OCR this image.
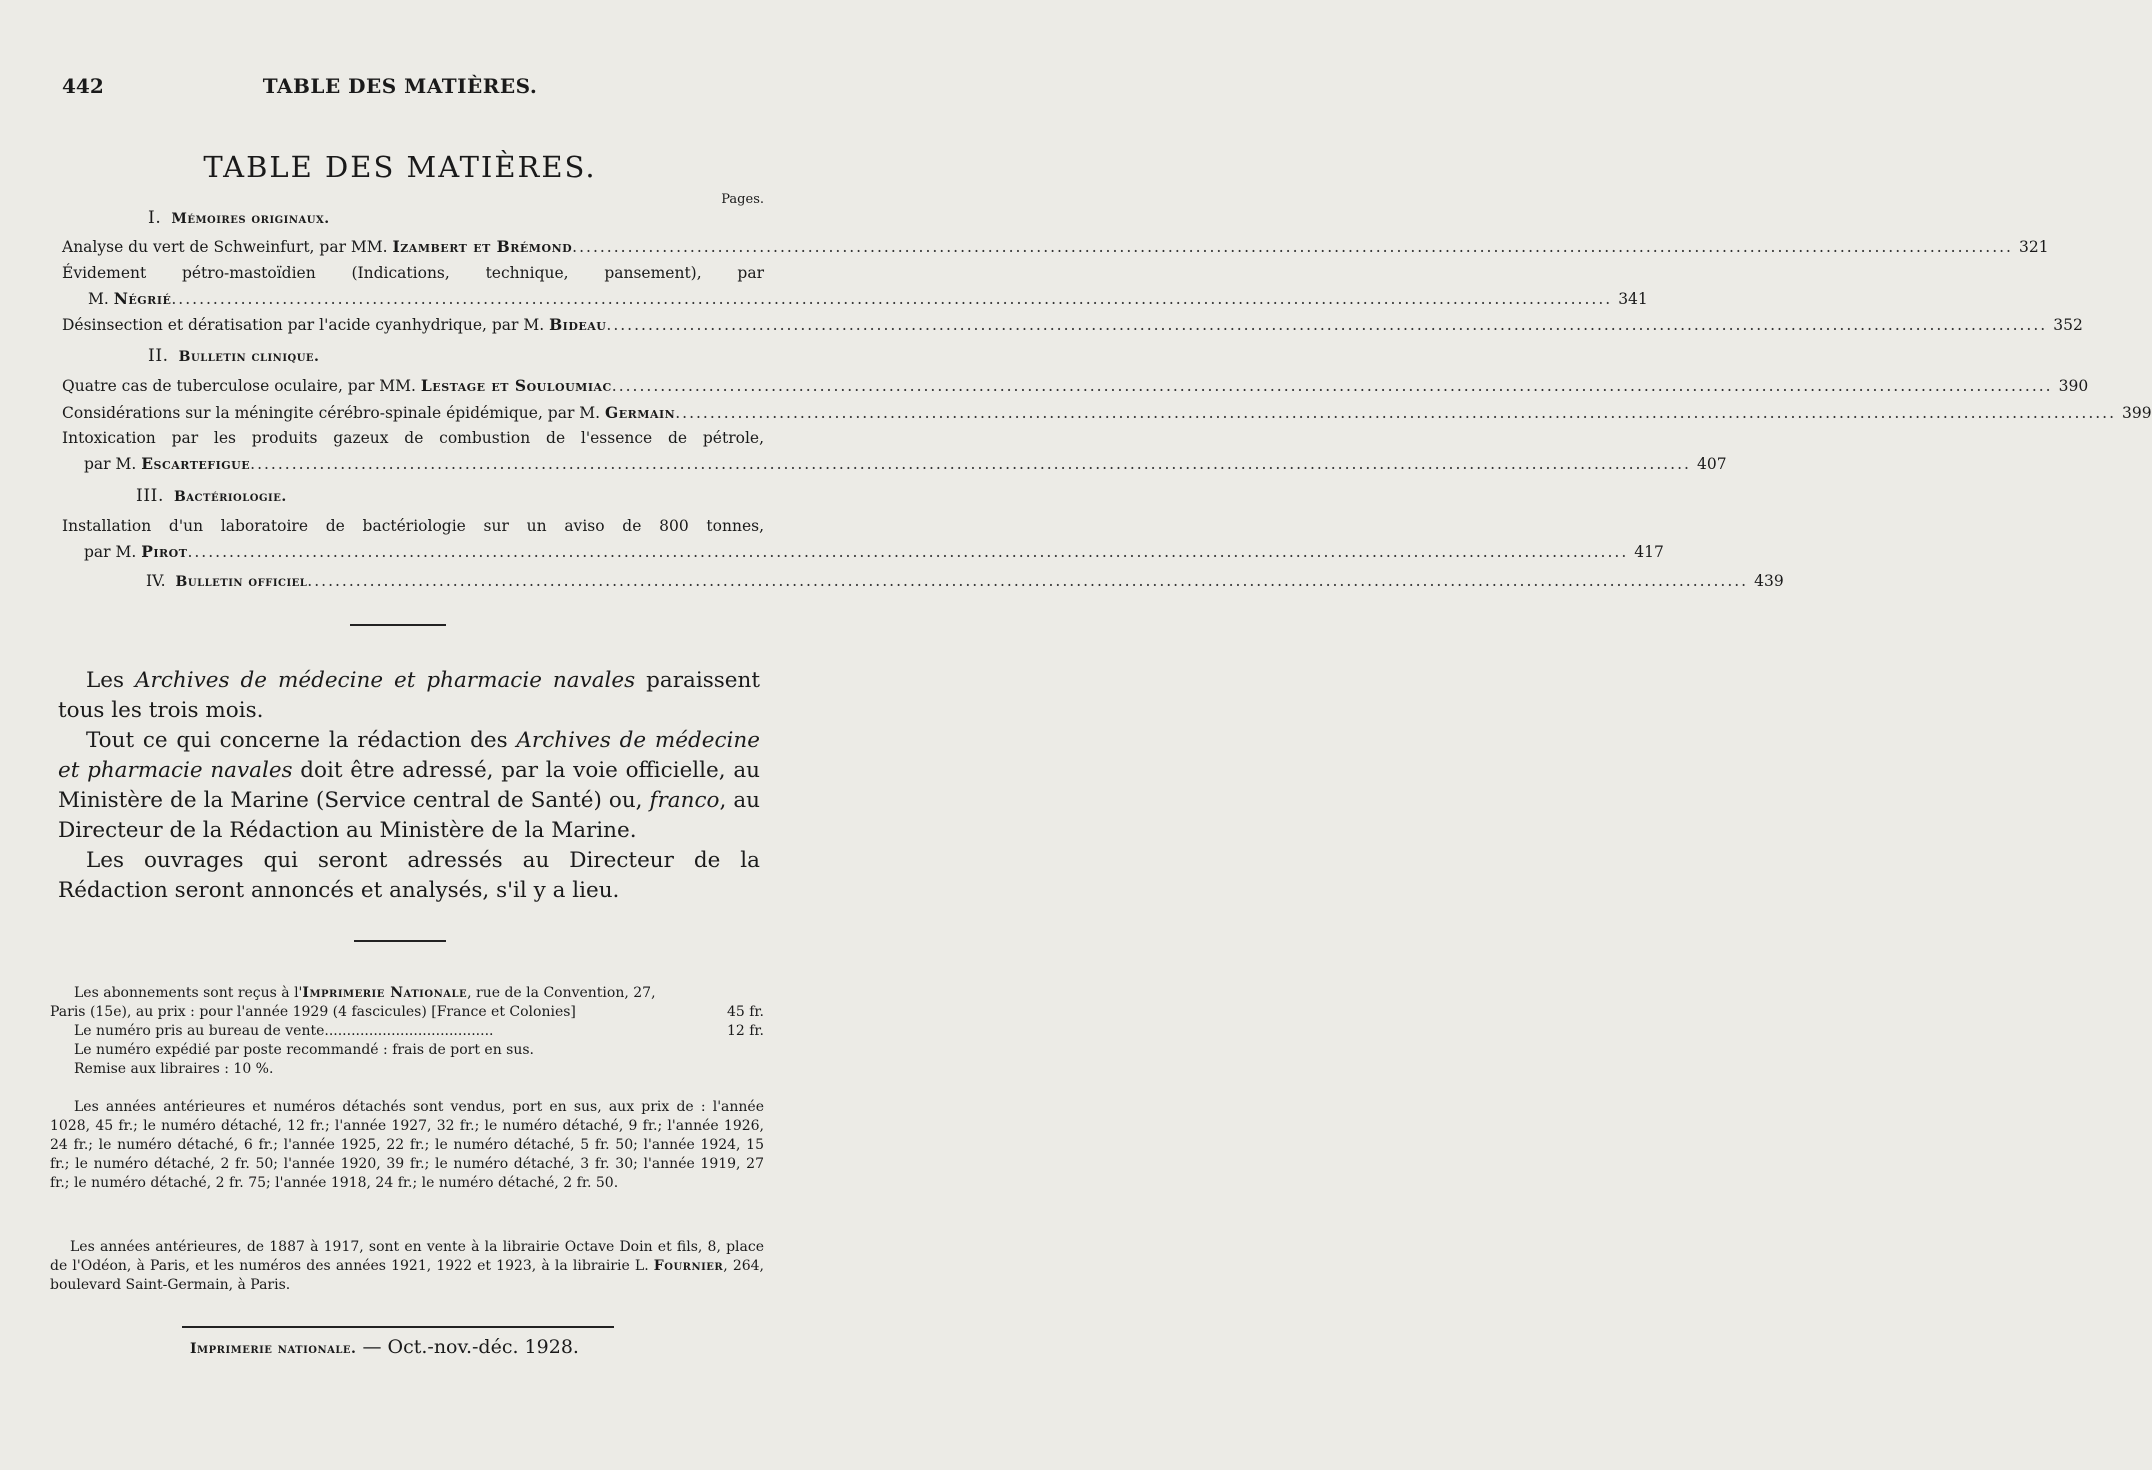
442	TABLE DES MATIÈRES.
TABLE DES MATIÈRES.
Pages.
I. Mémoires originaux.
Analyse du vert de Schweinfurt, par MM. Izambert et Brémond .....	321
Évidement pétro-mastoïdien (Indications, technique, pansement), par
M. Négrié .....	341
Désinsection et dératisation par l'acide cyanhydrique, par M. Bideau .....	352
II. Bulletin clinique.
Quatre cas de tuberculose oculaire, par MM. Lestage et Souloumiac .....	390
Considérations sur la méningite cérébro-spinale épidémique, par M. Germain .....	399
Intoxication par les produits gazeux de combustion de l'essence de pétrole,
par M. Escartefigue .....	407
III. Bactériologie.
Installation d'un laboratoire de bactériologie sur un aviso de 800 tonnes,
par M. Pirot .....	417
IV. Bulletin officiel .....	439

Les Archives de médecine et pharmacie navales paraissent tous les trois mois.

Tout ce qui concerne la rédaction des Archives de médecine et pharmacie navales doit être adressé, par la voie officielle, au Ministère de la Marine (Service central de Santé) ou, franco, au Directeur de la Rédaction au Ministère de la Marine.

Les ouvrages qui seront adressés au Directeur de la Rédaction seront annoncés et analysés, s'il y a lieu.

Les abonnements sont reçus à l'Imprimerie Nationale, rue de la Convention, 27,

Paris (15e), au prix : pour l'année 1929 (4 fascicules) [France et Colonies]	45 fr.
Le numéro pris au bureau de vente......................................	12 fr.

Le numéro expédié par poste recommandé : frais de port en sus.

Remise aux libraires : 10 %.

Les années antérieures et numéros détachés sont vendus, port en sus, aux prix de : l'année 1028, 45 fr.; le numéro détaché, 12 fr.; l'année 1927, 32 fr.; le numéro détaché, 9 fr.; l'année 1926, 24 fr.; le numéro détaché, 6 fr.; l'année 1925, 22 fr.; le numéro détaché, 5 fr. 50; l'année 1924, 15 fr.; le numéro détaché, 2 fr. 50; l'année 1920, 39 fr.; le numéro détaché, 3 fr. 30; l'année 1919, 27 fr.; le numéro détaché, 2 fr. 75; l'année 1918, 24 fr.; le numéro détaché, 2 fr. 50.

Les années antérieures, de 1887 à 1917, sont en vente à la librairie Octave Doin et fils, 8, place de l'Odéon, à Paris, et les numéros des années 1921, 1922 et 1923, à la librairie L. Fournier, 264, boulevard Saint-Germain, à Paris.

Imprimerie nationale. — Oct.-nov.-déc. 1928.
